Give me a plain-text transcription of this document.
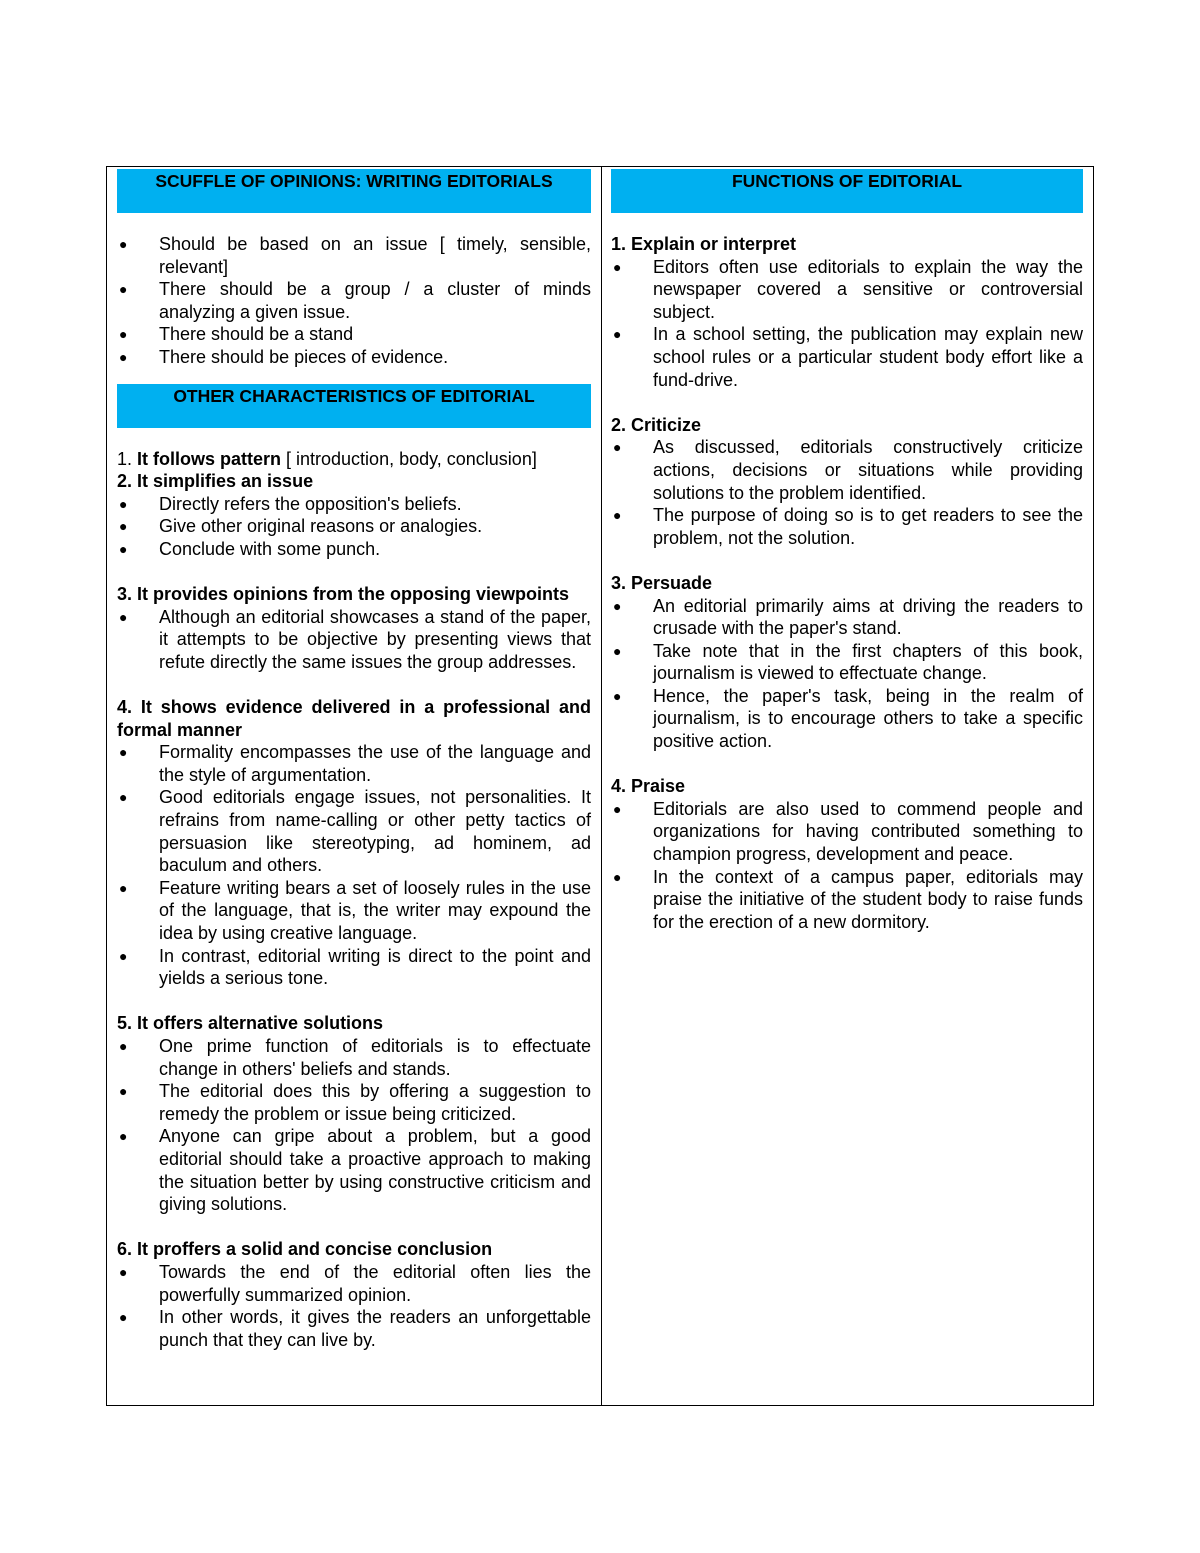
SCUFFLE OF OPINIONS: WRITING EDITORIALS
● Should be based on an issue [ timely, sensible, relevant]
● There should be a group / a cluster of minds analyzing a given issue.
● There should be a stand
● There should be pieces of evidence.
OTHER CHARACTERISTICS OF EDITORIAL
1. It follows pattern [ introduction, body, conclusion]
2. It simplifies an issue
● Directly refers the opposition's beliefs.
● Give other original reasons or analogies.
● Conclude with some punch.
3. It provides opinions from the opposing viewpoints
● Although an editorial showcases a stand of the paper, it attempts to be objective by presenting views that refute directly the same issues the group addresses.
4. It shows evidence delivered in a professional and formal manner
● Formality encompasses the use of the language and the style of argumentation.
● Good editorials engage issues, not personalities. It refrains from name-calling or other petty tactics of persuasion like stereotyping, ad hominem, ad baculum and others.
● Feature writing bears a set of loosely rules in the use of the language, that is, the writer may expound the idea by using creative language.
● In contrast, editorial writing is direct to the point and yields a serious tone.
5. It offers alternative solutions
● One prime function of editorials is to effectuate change in others' beliefs and stands.
● The editorial does this by offering a suggestion to remedy the problem or issue being criticized.
● Anyone can gripe about a problem, but a good editorial should take a proactive approach to making the situation better by using constructive criticism and giving solutions.
6. It proffers a solid and concise conclusion
● Towards the end of the editorial often lies the powerfully summarized opinion.
● In other words, it gives the readers an unforgettable punch that they can live by.
FUNCTIONS OF EDITORIAL
1. Explain or interpret
● Editors often use editorials to explain the way the newspaper covered a sensitive or controversial subject.
● In a school setting, the publication may explain new school rules or a particular student body effort like a fund-drive.
2. Criticize
● As discussed, editorials constructively criticize actions, decisions or situations while providing solutions to the problem identified.
● The purpose of doing so is to get readers to see the problem, not the solution.
3. Persuade
● An editorial primarily aims at driving the readers to crusade with the paper's stand.
● Take note that in the first chapters of this book, journalism is viewed to effectuate change.
● Hence, the paper's task, being in the realm of journalism, is to encourage others to take a specific positive action.
4. Praise
● Editorials are also used to commend people and organizations for having contributed something to champion progress, development and peace.
● In the context of a campus paper, editorials may praise the initiative of the student body to raise funds for the erection of a new dormitory.
